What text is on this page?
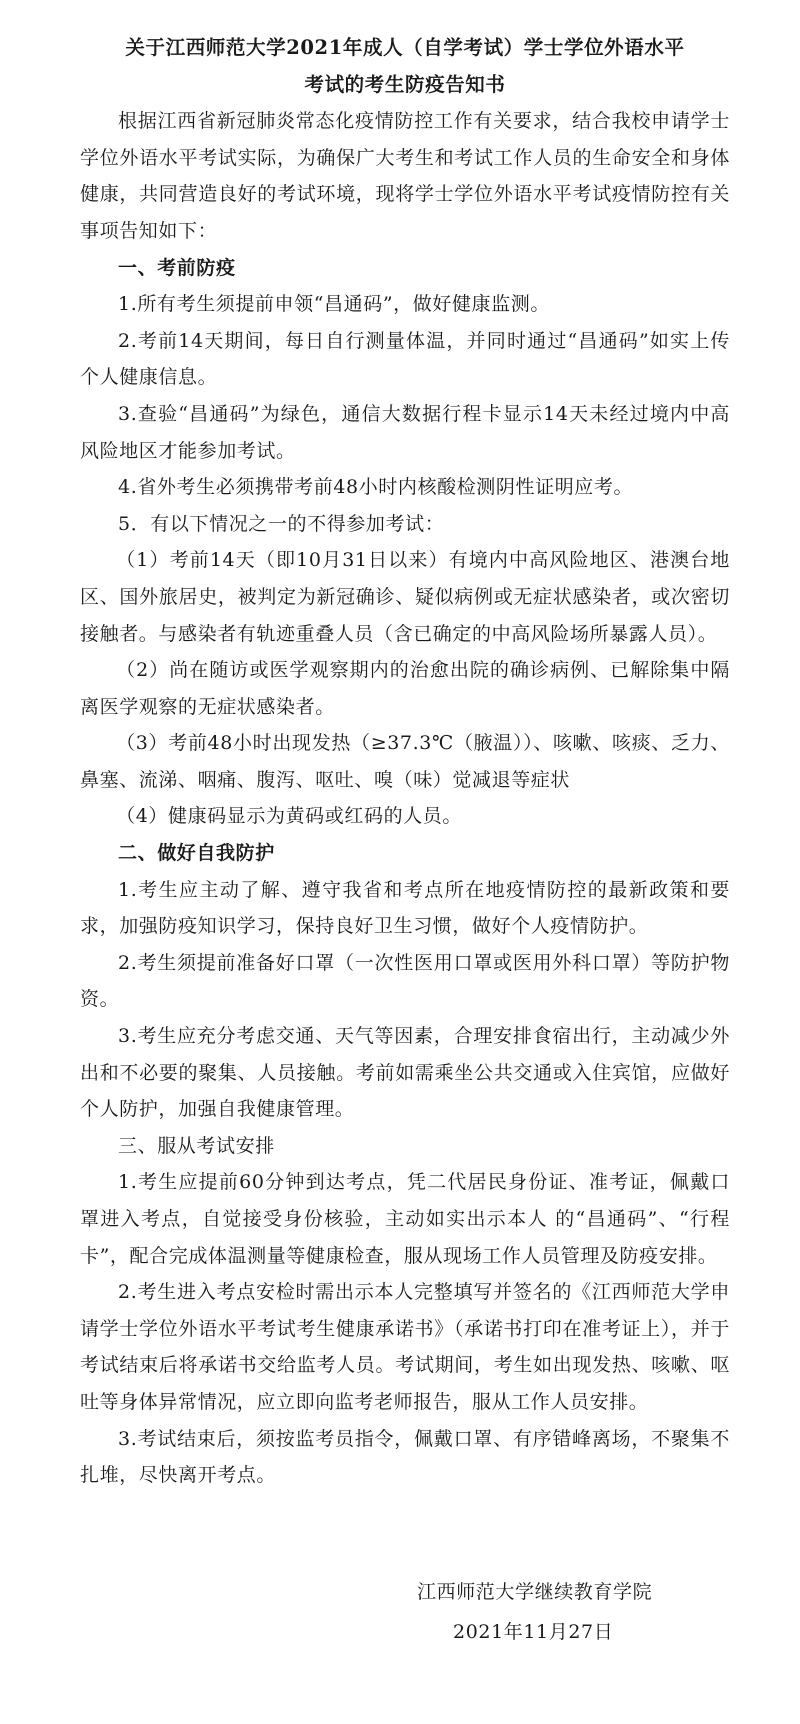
关于江西师范大学2021年成人（自学考试）学士学位外语水平

考试的考生防疫告知书

根据江西省新冠肺炎常态化疫情防控工作有关要求，结合我校申请学士学位外语水平考试实际，为确保广大考生和考试工作人员的生命安全和身体健康，共同营造良好的考试环境，现将学士学位外语水平考试疫情防控有关事项告知如下：

一、考前防疫

1.所有考生须提前申领“昌通码”，做好健康监测。

2.考前14天期间，每日自行测量体温，并同时通过“昌通码”如实上传个人健康信息。

3.查验“昌通码”为绿色，通信大数据行程卡显示14天未经过境内中高风险地区才能参加考试。

4.省外考生必须携带考前48小时内核酸检测阴性证明应考。

5．有以下情况之一的不得参加考试：

（1）考前14天（即10月31日以来）有境内中高风险地区、港澳台地区、国外旅居史，被判定为新冠确诊、疑似病例或无症状感染者，或次密切接触者。与感染者有轨迹重叠人员（含已确定的中高风险场所暴露人员）。

（2）尚在随访或医学观察期内的治愈出院的确诊病例、已解除集中隔离医学观察的无症状感染者。

（3）考前48小时出现发热（≥37.3℃（腋温））、咳嗽、咳痰、乏力、鼻塞、流涕、咽痛、腹泻、呕吐、嗅（味）觉减退等症状

（4）健康码显示为黄码或红码的人员。

二、做好自我防护

1.考生应主动了解、遵守我省和考点所在地疫情防控的最新政策和要求，加强防疫知识学习，保持良好卫生习惯，做好个人疫情防护。

2.考生须提前准备好口罩（一次性医用口罩或医用外科口罩）等防护物资。

3.考生应充分考虑交通、天气等因素，合理安排食宿出行，主动减少外出和不必要的聚集、人员接触。考前如需乘坐公共交通或入住宾馆，应做好个人防护，加强自我健康管理。

三、服从考试安排

1.考生应提前60分钟到达考点，凭二代居民身份证、准考证，佩戴口罩进入考点，自觉接受身份核验，主动如实出示本人 的“昌通码”、“行程卡”，配合完成体温测量等健康检查，服从现场工作人员管理及防疫安排。

2.考生进入考点安检时需出示本人完整填写并签名的《江西师范大学申请学士学位外语水平考试考生健康承诺书》（承诺书打印在准考证上），并于考试结束后将承诺书交给监考人员。考试期间，考生如出现发热、咳嗽、呕吐等身体异常情况，应立即向监考老师报告，服从工作人员安排。

3.考试结束后，须按监考员指令，佩戴口罩、有序错峰离场，不聚集不扎堆，尽快离开考点。

江西师范大学继续教育学院

2021年11月27日
